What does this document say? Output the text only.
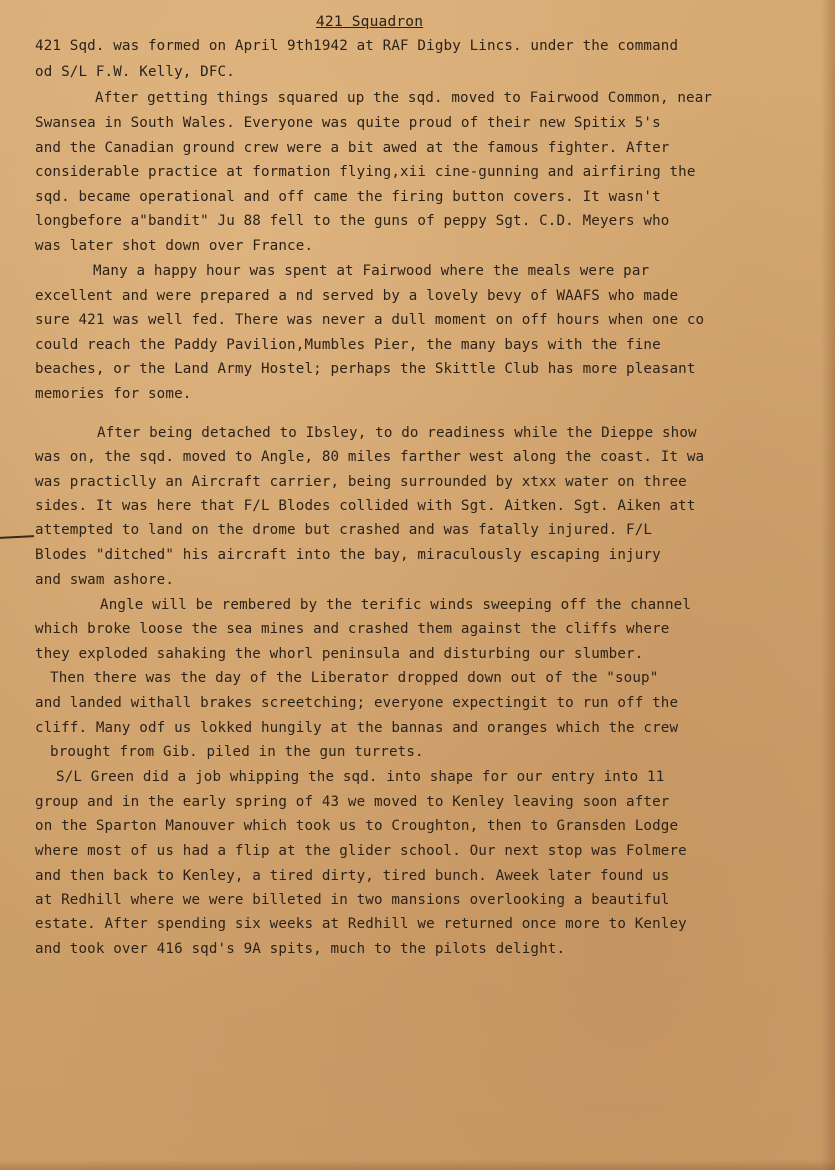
421 Squadron
421 Sqd. was formed on April 9th1942 at RAF Digby Lincs. under the command
od S/L F.W. Kelly, DFC.
After getting things squared up the sqd. moved to Fairwood Common, near
Swansea in South Wales. Everyone was quite proud of their new Spitix 5's
and the Canadian ground crew were a bit awed at the famous fighter. After
considerable practice at formation flying,xii cine-gunning and airfiring the
sqd. became operational and off came the firing button covers. It wasn't
longbefore a"bandit" Ju 88 fell to the guns of peppy Sgt. C.D. Meyers who
was later shot down over France.
Many a happy hour was spent at Fairwood where the meals were par
excellent and were prepared a nd served by a lovely bevy of WAAFS who made
sure 421 was well fed. There was never a dull moment on off hours when one co
could reach the Paddy Pavilion,Mumbles Pier, the many bays with the fine
beaches, or the Land Army Hostel; perhaps the Skittle Club has more pleasant
memories for some.
After being detached to Ibsley, to do readiness while the Dieppe show
was on, the sqd. moved to Angle, 80 miles farther west along the coast. It wa
was practiclly an Aircraft carrier, being surrounded by xtxx water on three
sides. It was here that F/L Blodes collided with Sgt. Aitken. Sgt. Aiken att
attempted to land on the drome but crashed and was fatally injured. F/L
Blodes "ditched" his aircraft into the bay, miraculously escaping injury
and swam ashore.
Angle will be rembered by the terific winds sweeping off the channel
which broke loose the sea mines and crashed them against the cliffs where
they exploded sahaking the whorl peninsula and disturbing our slumber.
Then there was the day of the Liberator dropped down out of the "soup"
and landed withall brakes screetching; everyone expectingit to run off the
cliff. Many odf us lokked hungily at the bannas and oranges which the crew
brought from Gib. piled in the gun turrets.
S/L Green did a job whipping the sqd. into shape for our entry into 11
group and in the early spring of 43 we moved to Kenley leaving soon after
on the Sparton Manouver which took us to Croughton, then to Gransden Lodge
where most of us had a flip at the glider school. Our next stop was Folmere
and then back to Kenley, a tired dirty, tired bunch. Aweek later found us
at Redhill where we were billeted in two mansions overlooking a beautiful
estate. After spending six weeks at Redhill we returned once more to Kenley
and took over 416 sqd's 9A spits, much to the pilots delight.
